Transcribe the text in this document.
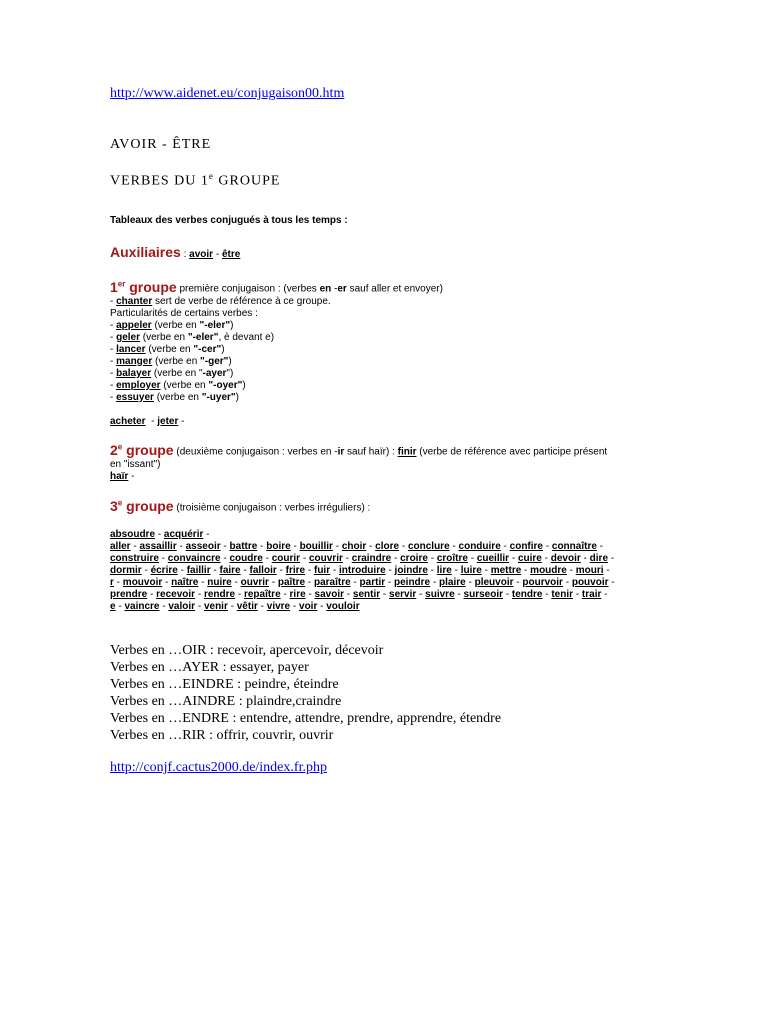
http://www.aidenet.eu/conjugaison00.htm
AVOIR - ÊTRE
VERBES DU 1e GROUPE
Tableaux des verbes conjugués à tous les temps :
Auxiliaires : avoir - être
1er groupe première conjugaison : (verbes en -er sauf aller et envoyer)
- chanter sert de verbe de référence à ce groupe.
Particularités de certains verbes :
- appeler (verbe en "-eler")
- geler (verbe en "-eler", è devant e)
- lancer (verbe en "-cer")
- manger (verbe en "-ger")
- balayer (verbe en "-ayer")
- employer (verbe en "-oyer")
- essuyer (verbe en "-uyer")
acheter  - jeter -
2e groupe (deuxième conjugaison : verbes en -ir sauf haïr) : finir (verbe de référence avec participe présent
en "issant")
haïr -
3e groupe (troisième conjugaison : verbes irréguliers) :
absoudre - acquérir -
aller - assaillir - asseoir - battre - boire - bouillir - choir - clore - conclure - conduire - confire - connaître -
construire - convaincre - coudre - courir - couvrir - craindre - croire - croître - cueillir - cuire - devoir - dire -
dormir - écrire - faillir - faire - falloir - frire - fuir - introduire - joindre - lire - luire - mettre - moudre - mouri -
r - mouvoir - naître - nuire - ouvrir - paître - paraître - partir - peindre - plaire - pleuvoir - pourvoir - pouvoir -
prendre - recevoir - rendre - repaître - rire - savoir - sentir - servir - suivre - surseoir - tendre - tenir - trair -
e - vaincre - valoir - venir - vêtir - vivre - voir - vouloir
Verbes en …OIR : recevoir, apercevoir, décevoir
Verbes en …AYER : essayer, payer
Verbes en …EINDRE : peindre, éteindre
Verbes en …AINDRE : plaindre,craindre
Verbes en …ENDRE : entendre, attendre, prendre, apprendre, étendre
Verbes en …RIR : offrir, couvrir, ouvrir
http://conjf.cactus2000.de/index.fr.php
